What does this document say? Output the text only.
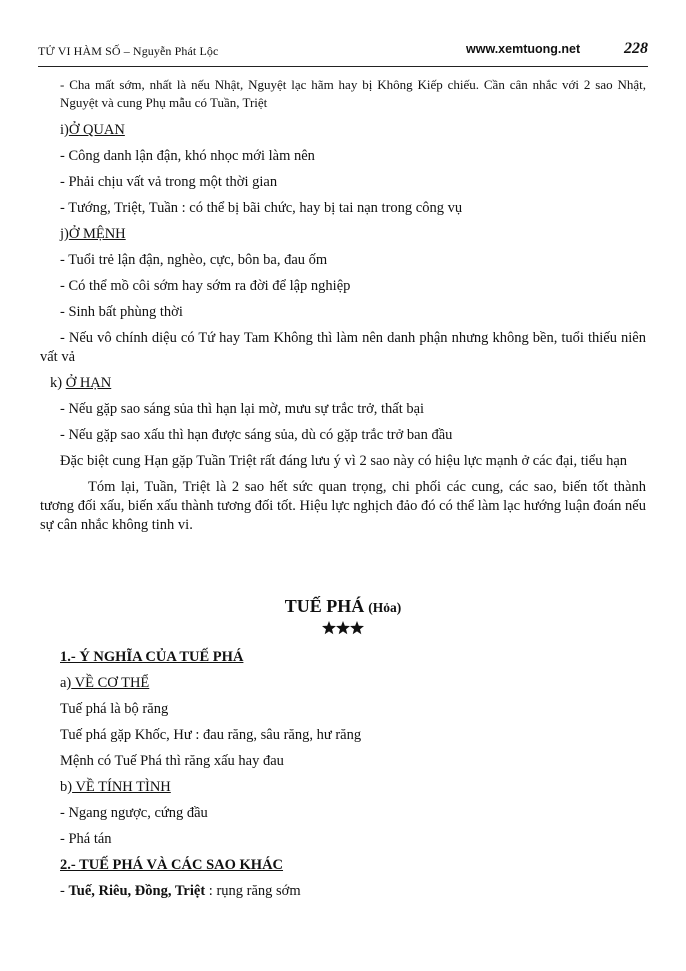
TỬ VI HÀM SỐ – Nguyễn Phát Lộc	www.xemtuong.net	228

- Cha mất sớm, nhất là nếu Nhật, Nguyệt lạc hãm hay bị Không Kiếp chiếu. Cần cân nhắc với 2 sao Nhật, Nguyệt và cung Phụ mẫu có Tuần, Triệt

i)Ở QUAN

- Công danh lận đận, khó nhọc mới làm nên

- Phải chịu vất vả trong một thời gian

- Tướng, Triệt, Tuần : có thể bị bãi chức, hay bị tai nạn trong công vụ

j)Ở MỆNH

- Tuổi trẻ lận đận, nghèo, cực, bôn ba, đau ốm

- Có thể mồ côi sớm hay sớm ra đời để lập nghiệp

- Sinh bất phùng thời

- Nếu vô chính diệu có Tứ hay Tam Không thì làm nên danh phận nhưng không bền, tuổi thiếu niên vất vả

k) Ở HẠN

- Nếu gặp sao sáng sủa thì hạn lại mờ, mưu sự trắc trở, thất bại

- Nếu gặp sao xấu thì hạn được sáng sủa, dù có gặp trắc trở ban đầu

Đặc biệt cung Hạn gặp Tuần Triệt rất đáng lưu ý vì 2 sao này có hiệu lực mạnh ở các đại, tiểu hạn

Tóm lại, Tuần, Triệt là 2 sao hết sức quan trọng, chi phối các cung, các sao, biến tốt thành tương đối xấu, biến xấu thành tương đối tốt. Hiệu lực nghịch đảo đó có thể làm lạc hướng luận đoán nếu sự cân nhắc không tinh vi.

TUẾ PHÁ (Hỏa)

1.- Ý NGHĨA CỦA TUẾ PHÁ

a) VỀ CƠ THỂ

Tuế phá là bộ răng

Tuế phá gặp Khốc, Hư : đau răng, sâu răng, hư răng

Mệnh có Tuế Phá thì răng xấu hay đau

b) VỀ TÍNH TÌNH

- Ngang ngược, cứng đầu

- Phá tán

2.- TUẾ PHÁ VÀ CÁC SAO KHÁC

- Tuế, Riêu, Đồng, Triệt : rụng răng sớm
